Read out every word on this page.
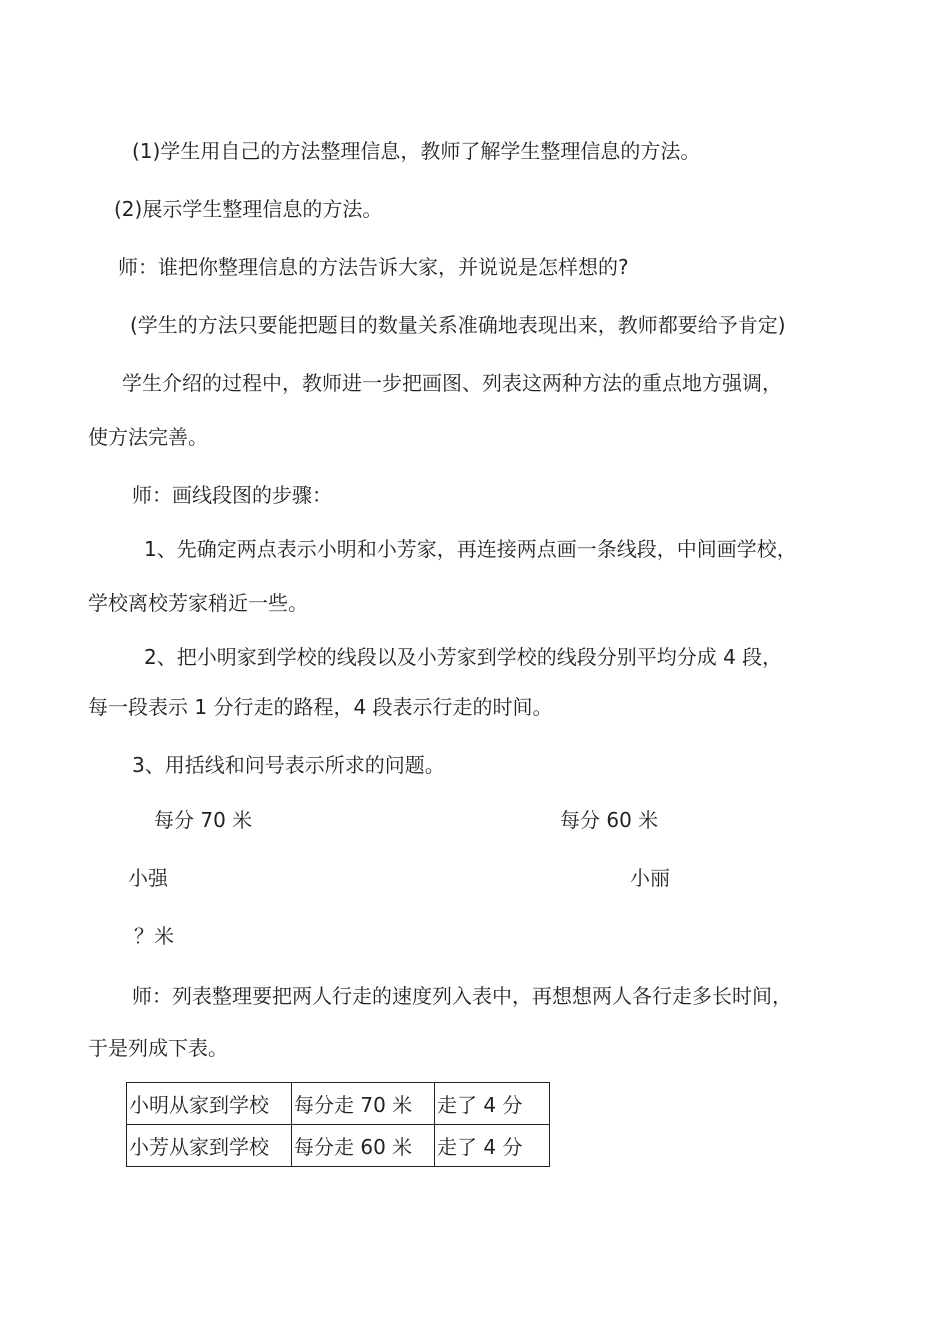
(1)学生用自己的方法整理信息，教师了解学生整理信息的方法。

(2)展示学生整理信息的方法。

师：谁把你整理信息的方法告诉大家，并说说是怎样想的?

(学生的方法只要能把题目的数量关系准确地表现出来，教师都要给予肯定)

学生介绍的过程中，教师进一步把画图、列表这两种方法的重点地方强调，

使方法完善。

师：画线段图的步骤：

1、先确定两点表示小明和小芳家，再连接两点画一条线段，中间画学校，

学校离校芳家稍近一些。

2、把小明家到学校的线段以及小芳家到学校的线段分别平均分成 4 段，

每一段表示 1 分行走的路程，4 段表示行走的时间。

3、用括线和问号表示所求的问题。

每分 70 米	每分 60 米

小强	小丽

？米

师：列表整理要把两人行走的速度列入表中，再想想两人各行走多长时间，

于是列成下表。

小明从家到学校	每分走 70 米	走了 4 分
小芳从家到学校	每分走 60 米	走了 4 分
